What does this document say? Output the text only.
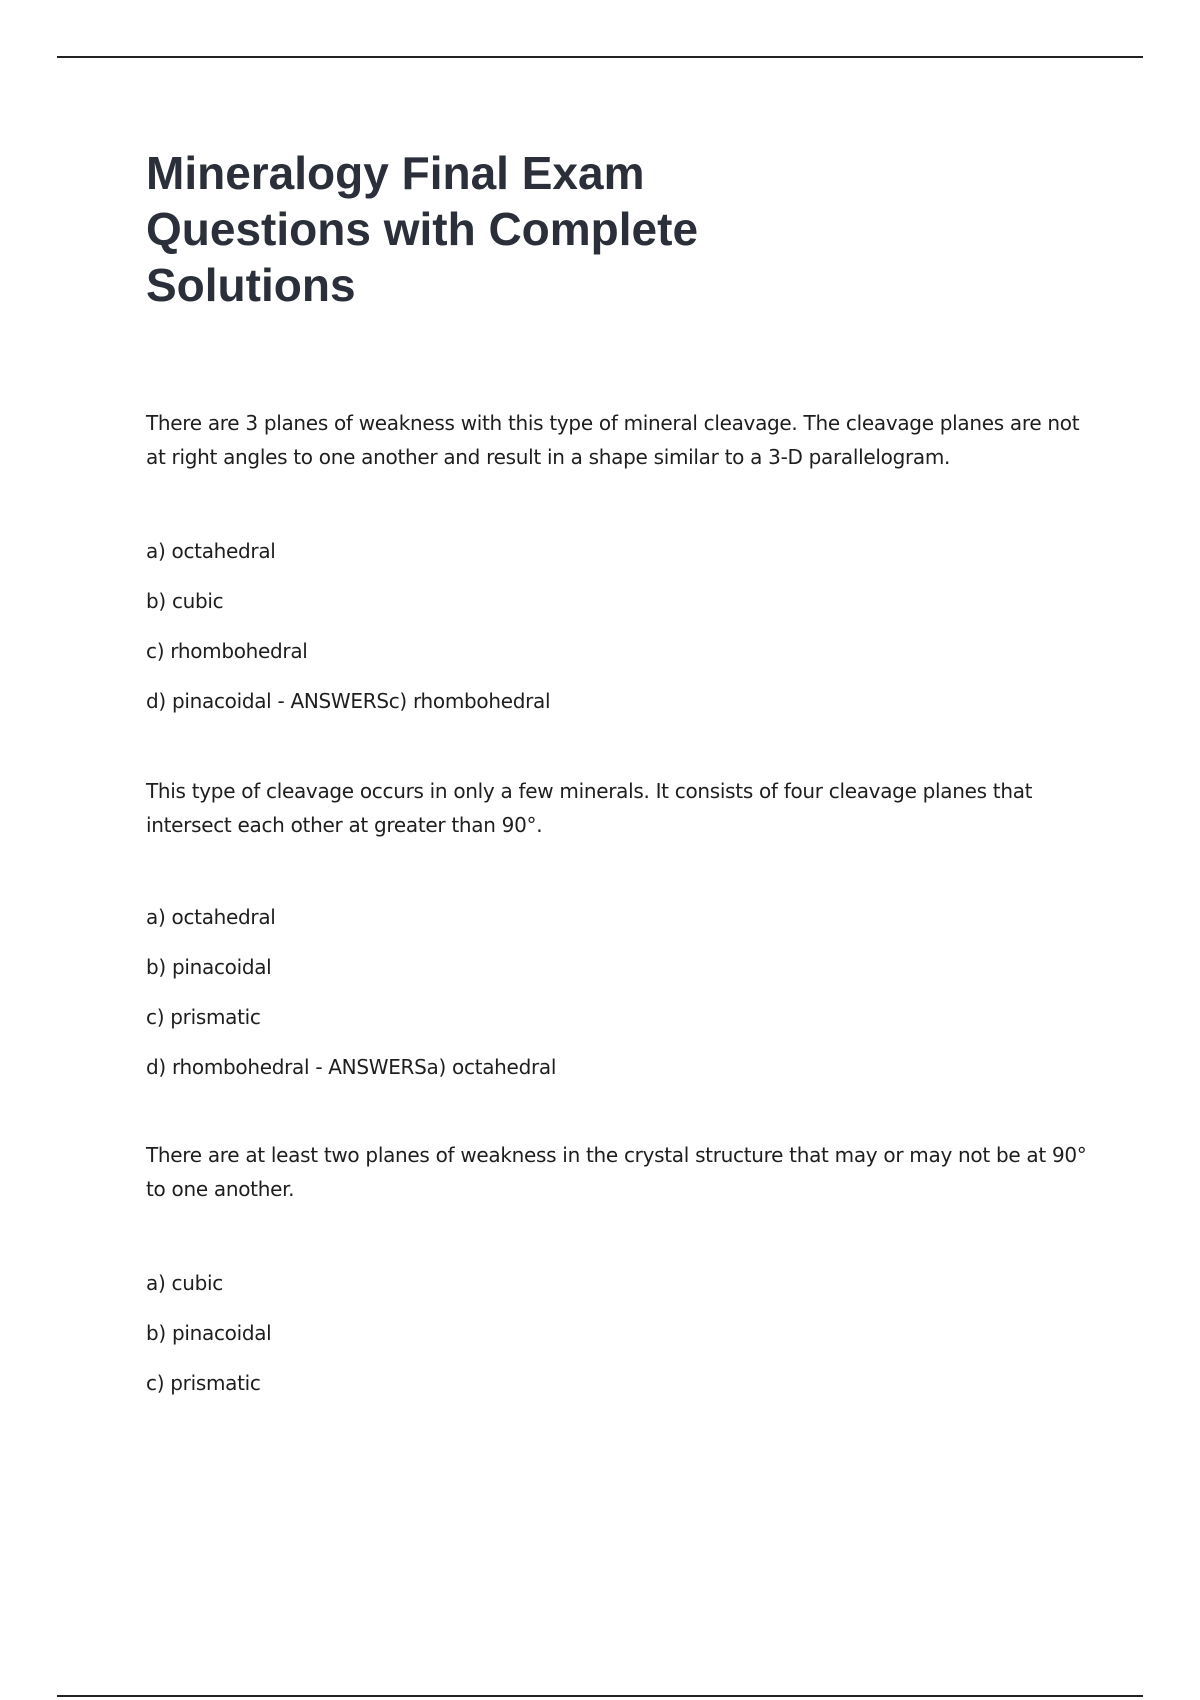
Mineralogy Final Exam Questions with Complete Solutions

There are 3 planes of weakness with this type of mineral cleavage. The cleavage planes are not at right angles to one another and result in a shape similar to a 3-D parallelogram.

a) octahedral
b) cubic
c) rhombohedral
d) pinacoidal - ANSWERSc) rhombohedral

This type of cleavage occurs in only a few minerals. It consists of four cleavage planes that intersect each other at greater than 90°.

a) octahedral
b) pinacoidal
c) prismatic
d) rhombohedral - ANSWERSa) octahedral

There are at least two planes of weakness in the crystal structure that may or may not be at 90° to one another.

a) cubic
b) pinacoidal
c) prismatic
